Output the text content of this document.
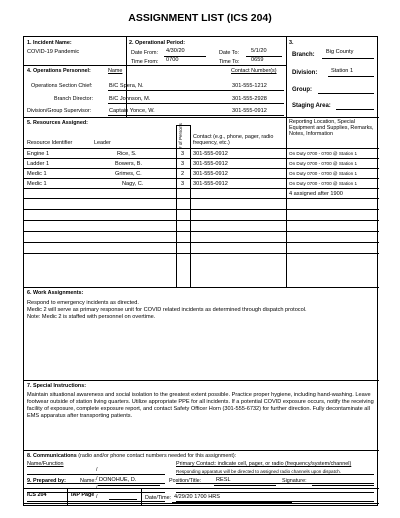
ASSIGNMENT LIST (ICS 204)
1. Incident Name:
COVID-19 Pandemic
2. Operational Period:
Date From: 4/30/20	Date To: 5/1/20
Time From: 0700	Time To: 0659
3.
Branch: Big County
Division: Station 1
Group:
Staging Area:
4. Operations Personnel:	Name	Contact Number(s)
Operations Section Chief:	B/C Spera, N.	301-555-1212
Branch Director:	B/C Johnson, M.	301-555-2928
Division/Group Supervisor:	Captain Yonce, W.	301-555-0912
5. Resources Assigned:
Resource Identifier	Leader	# of Persons Contact (e.g., phone, pager, radio frequency, etc.)
Reporting Location, Special Equipment and Supplies, Remarks, Notes, Information
Engine 1	Rice, S.	3 301-555-0912	On Duty 0700 - 0700 @ Station 1
Ladder 1	Bowers, B.	3 301-555-0912	On Duty 0700 - 0700 @ Station 1
Medic 1	Grimes, C.	2 301-555-0912	On Duty 0700 - 0700 @ Station 1
Medic 1	Nagy, C.	3 301-555-0912	On Duty 0700 - 0700 @ Station 1
4 assigned after 1900
6. Work Assignments:
Respond to emergency incidents as directed.
Medic 2 will serve as primary response unit for COVID related incidents as determined through dispatch protocol.
Note: Medic 2 is staffed with personnel on overtime.
7. Special Instructions:
Maintain situational awareness and social isolation to the greatest extent possible. Practice proper hygiene, including hand-washing. Leave footwear outside of station living quarters. Utilize appropriate PPE for all incidents. If a potential COVID exposure occurs, notify the receiving facility of exposure, complete exposure report, and contact Safety Officer Horn (301-555-6732) for further direction. Fully decontaminate all EMS apparatus after transporting patients.
8. Communications (radio and/or phone contact numbers needed for this assignment):
Name/Function	Primary Contact: indicate cell, pager, or radio (frequency/system/channel)
/	Responding apparatus will be directed to assigned radio channels upon dispatch.
/
/
/
9. Prepared by:	Name: DONOHUE, D.	Position/Title:	RESL	Signature:
ICS 204	IAP Page	Date/Time: 4/29/20 1700 HRS
